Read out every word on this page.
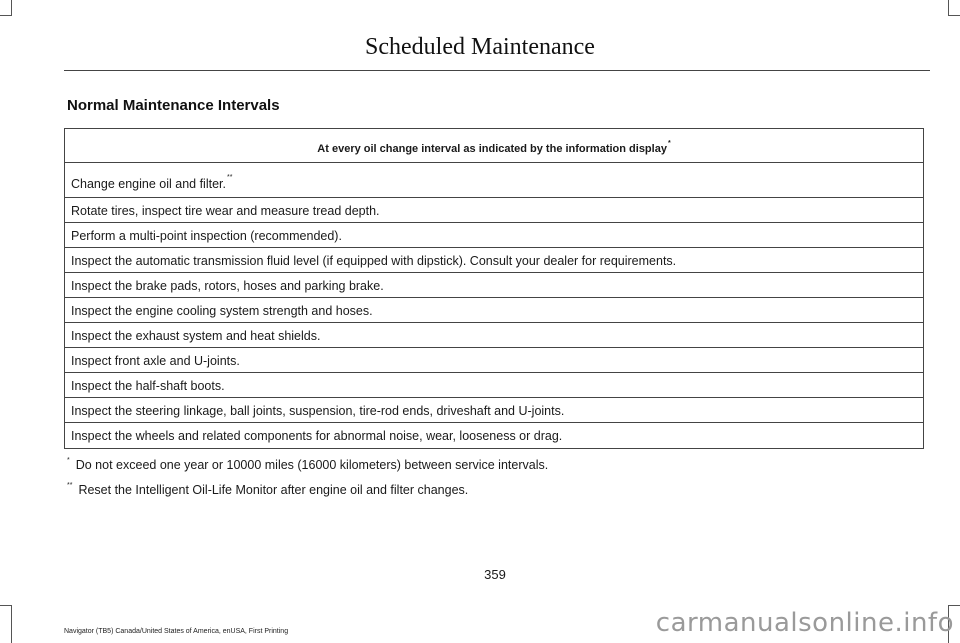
Scheduled Maintenance
Normal Maintenance Intervals
At every oil change interval as indicated by the information display*
Change engine oil and filter.**
Rotate tires, inspect tire wear and measure tread depth.
Perform a multi-point inspection (recommended).
Inspect the automatic transmission fluid level (if equipped with dipstick). Consult your dealer for requirements.
Inspect the brake pads, rotors, hoses and parking brake.
Inspect the engine cooling system strength and hoses.
Inspect the exhaust system and heat shields.
Inspect front axle and U-joints.
Inspect the half-shaft boots.
Inspect the steering linkage, ball joints, suspension, tire-rod ends, driveshaft and U-joints.
Inspect the wheels and related components for abnormal noise, wear, looseness or drag.
* Do not exceed one year or 10000 miles (16000 kilometers) between service intervals.
** Reset the Intelligent Oil-Life Monitor after engine oil and filter changes.
359
Navigator (TB5) Canada/United States of America, enUSA, First Printing	carmanualsonline.info
